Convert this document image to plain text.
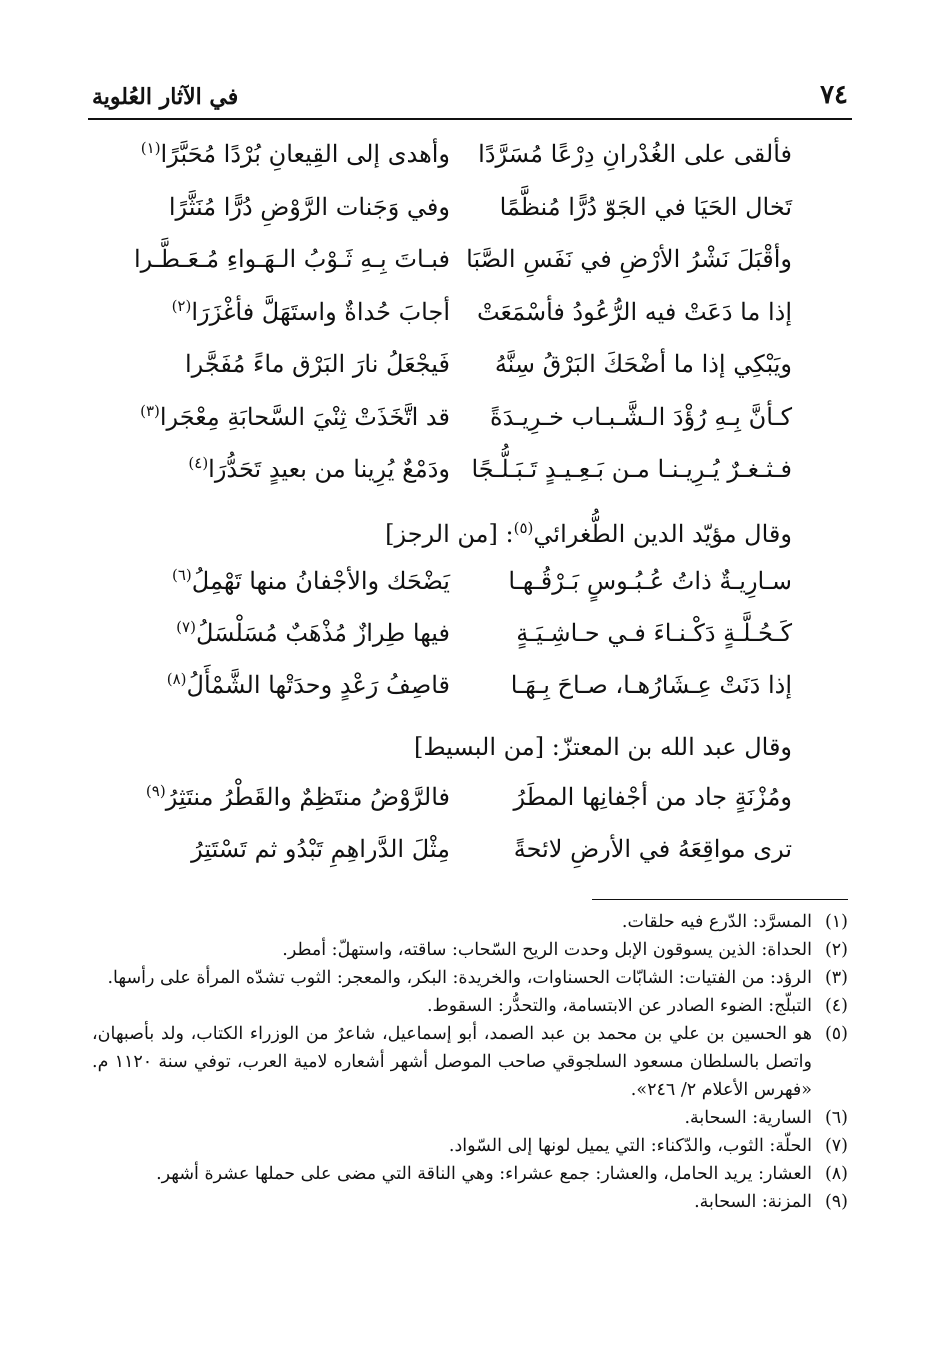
٧٤
في الآثار العُلوية
فألقى على الغُدْرانِ دِرْعًا مُسَرَّدًا
وأهدى إلى القِيعانِ بُرْدًا مُحَبَّرًا$^{(١)}$
تَخال الحَيَا في الجَوّ دُرًّا مُنظَّمًا
وفي وَجَنات الرَّوْضِ دُرًّا مُنَثَّرًا
وأقْبَلَ نَشْرُ الأرْضِ في نَفَسِ الصَّبَا
فبـاتَ بِـهِ ثَـوْبُ الـهَـواءِ مُـعَـطَّـرا
إذا ما دَعَتْ فيه الرُّعُودُ فأسْمَعَتْ
أجابَ حُداةٌ واستَهَلَّ فأغْزَرَا$^{(٢)}$
ويَبْكِي إذا ما أضْحَكَ البَرْقُ سِنَّهُ
فَيجْعَلُ نارَ البَرْق ماءً مُفَجَّرا
كـأنَّ بِـهِ رُؤْدَ الـشَّـبـاب خـرِيـدَةً
قد اتَّخَذَتْ ثِنْيَ السَّحابَةِ مِعْجَرا$^{(٣)}$
فـثـغـرٌ يُـرِيـنـا مـن بَـعِـيـدٍ تَـبَـلُّـجًا
ودَمْعٌ يُرِينا من بعيدٍ تَحَدُّرَا$^{(٤)}$
وقال مؤيّد الدين الطُّغرائي$^{(٥)}$: [من الرجز]
سـارِيـةٌ ذاتُ عُـبُـوسٍ بَـرْقُـهـا
يَضْحَك والأجْفانُ منها تَهْمِلُ$^{(٦)}$
كَـحُـلَّـةٍ دَكْـنـاءَ فـي حـاشِـيَـةٍ
فيها طِرازٌ مُذْهَبٌ مُسَلْسَلُ$^{(٧)}$
إذا دَنَتْ عِـشَارُهـا، صـاحَ بِـهَـا
قاصِفُ رَعْدٍ وحدَتْها الشَّمْأَلُ$^{(٨)}$
وقال عبد الله بن المعتزّ: [من البسيط]
ومُزْنَةٍ جاد من أجْفانِها المطَرُ
فالرَّوْضُ منتَظِمٌ والقَطْرُ منتَثِرُ$^{(٩)}$
ترى مواقِعَهُ في الأرضِ لائحةً
مِثْلَ الدَّراهِمِ تَبْدُو ثم تَسْتَتِرُ
(١)
المسرَّد: الدّرع فيه حلقات.
(٢)
الحداة: الذين يسوقون الإبل وحدت الريح السّحاب: ساقته، واستهلّ: أمطر.
(٣)
الرؤد: من الفتيات: الشابّات الحسناوات، والخريدة: البكر، والمعجر: الثوب تشدّه المرأة على رأسها.
(٤)
التبلّج: الضوء الصادر عن الابتسامة، والتحدُّر: السقوط.
(٥)
هو الحسين بن علي بن محمد بن عبد الصمد، أبو إسماعيل، شاعرٌ من الوزراء الكتاب، ولد بأصبهان، واتصل بالسلطان مسعود السلجوقي صاحب الموصل أشهر أشعاره لامية العرب، توفي سنة ١١٢٠ م. «فهرس الأعلام ٢/ ٢٤٦».
(٦)
السارية: السحابة.
(٧)
الحلّة: الثوب، والدّكناء: التي يميل لونها إلى السّواد.
(٨)
العشار: يريد الحامل، والعشار: جمع عشراء: وهي الناقة التي مضى على حملها عشرة أشهر.
(٩)
المزنة: السحابة.
